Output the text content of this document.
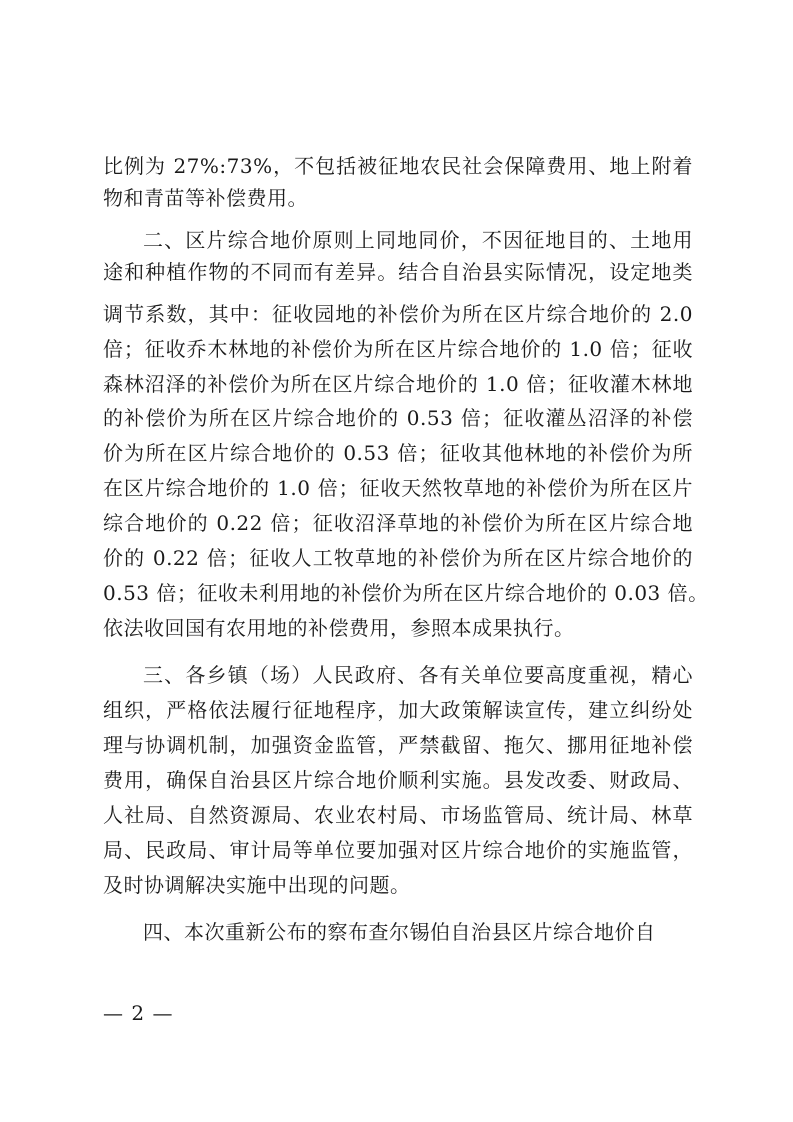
比例为 27%:73%，不包括被征地农民社会保障费用、地上附着
物和青苗等补偿费用。
二、区片综合地价原则上同地同价，不因征地目的、土地用
途和种植作物的不同而有差异。结合自治县实际情况，设定地类
调节系数，其中：征收园地的补偿价为所在区片综合地价的 2.0
倍；征收乔木林地的补偿价为所在区片综合地价的 1.0 倍；征收
森林沼泽的补偿价为所在区片综合地价的 1.0 倍；征收灌木林地
的补偿价为所在区片综合地价的 0.53 倍；征收灌丛沼泽的补偿
价为所在区片综合地价的 0.53 倍；征收其他林地的补偿价为所
在区片综合地价的 1.0 倍；征收天然牧草地的补偿价为所在区片
综合地价的 0.22 倍；征收沼泽草地的补偿价为所在区片综合地
价的 0.22 倍；征收人工牧草地的补偿价为所在区片综合地价的
0.53 倍；征收未利用地的补偿价为所在区片综合地价的 0.03 倍。
依法收回国有农用地的补偿费用，参照本成果执行。
三、各乡镇（场）人民政府、各有关单位要高度重视，精心
组织，严格依法履行征地程序，加大政策解读宣传，建立纠纷处
理与协调机制，加强资金监管，严禁截留、拖欠、挪用征地补偿
费用，确保自治县区片综合地价顺利实施。县发改委、财政局、
人社局、自然资源局、农业农村局、市场监管局、统计局、林草
局、民政局、审计局等单位要加强对区片综合地价的实施监管，
及时协调解决实施中出现的问题。
四、本次重新公布的察布查尔锡伯自治县区片综合地价自
— 2 —
